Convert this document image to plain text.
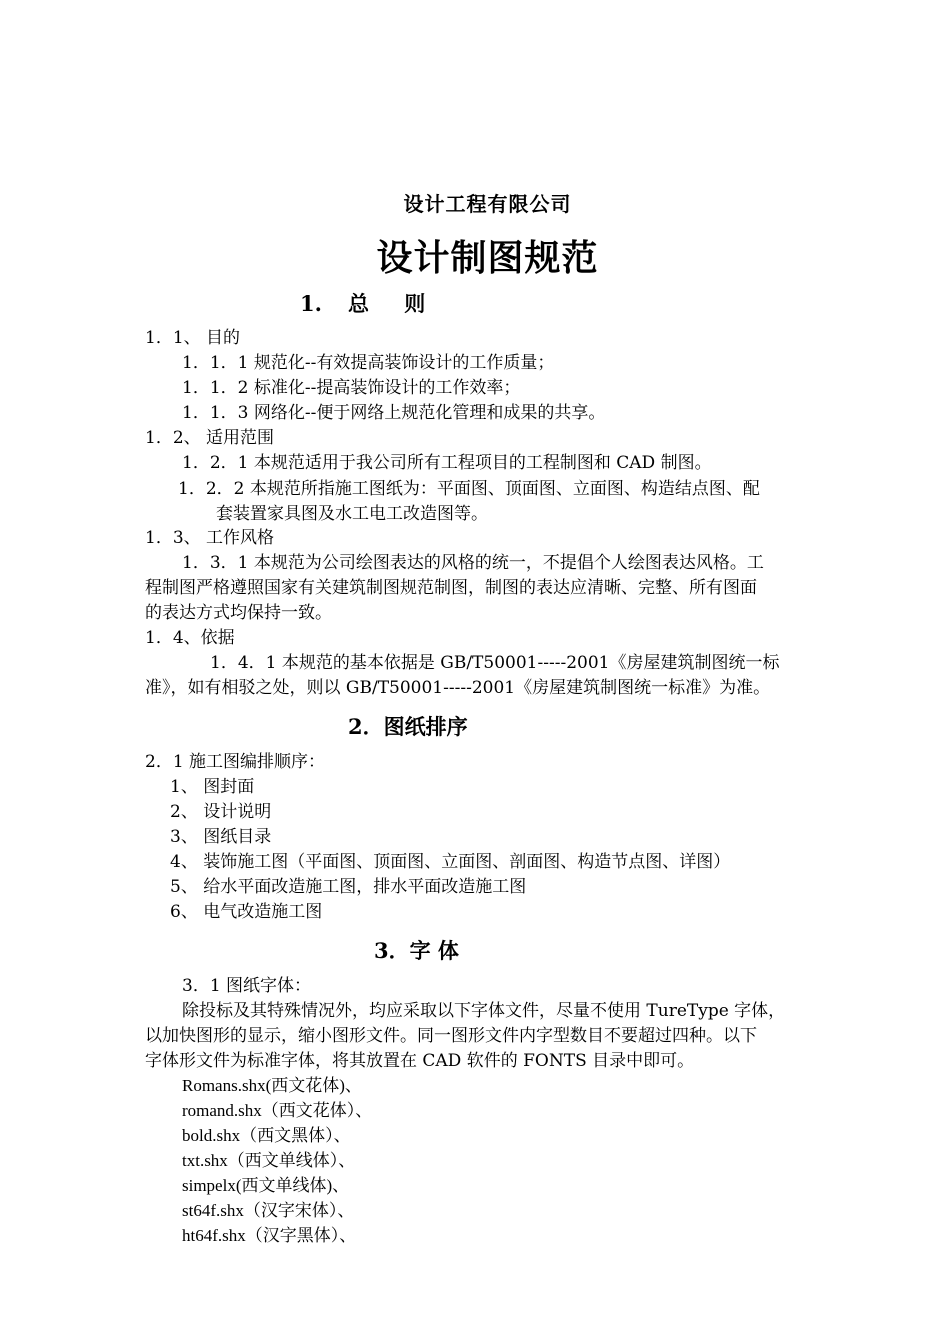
设计工程有限公司
设计制图规范
1. 总 则
1．1、 目的
1．1．1 规范化--有效提高装饰设计的工作质量；
1．1．2 标准化--提高装饰设计的工作效率；
1．1．3 网络化--便于网络上规范化管理和成果的共享。
1．2、 适用范围
1．2．1 本规范适用于我公司所有工程项目的工程制图和 CAD 制图。
1．2．2 本规范所指施工图纸为：平面图、顶面图、立面图、构造结点图、配
套装置家具图及水工电工改造图等。
1．3、 工作风格
1．3．1 本规范为公司绘图表达的风格的统一，不提倡个人绘图表达风格。工
程制图严格遵照国家有关建筑制图规范制图，制图的表达应清晰、完整、所有图面
的表达方式均保持一致。
1．4、依据
1．4．1 本规范的基本依据是 GB/T50001-----2001《房屋建筑制图统一标
准》，如有相驳之处，则以 GB/T50001-----2001《房屋建筑制图统一标准》为准。
2．图纸排序
2．1 施工图编排顺序：
1、 图封面
2、 设计说明
3、 图纸目录
4、 装饰施工图（平面图、顶面图、立面图、剖面图、构造节点图、详图）
5、 给水平面改造施工图，排水平面改造施工图
6、 电气改造施工图
3．字 体
3．1 图纸字体：
除投标及其特殊情况外，均应采取以下字体文件，尽量不使用 TureType 字体，
以加快图形的显示，缩小图形文件。同一图形文件内字型数目不要超过四种。以下
字体形文件为标准字体，将其放置在 CAD 软件的 FONTS 目录中即可。
Romans.shx(西文花体)、
romand.shx（西文花体）、
bold.shx（西文黑体）、
txt.shx（西文单线体）、
simpelx(西文单线体)、
st64f.shx（汉字宋体）、
ht64f.shx（汉字黑体）、
